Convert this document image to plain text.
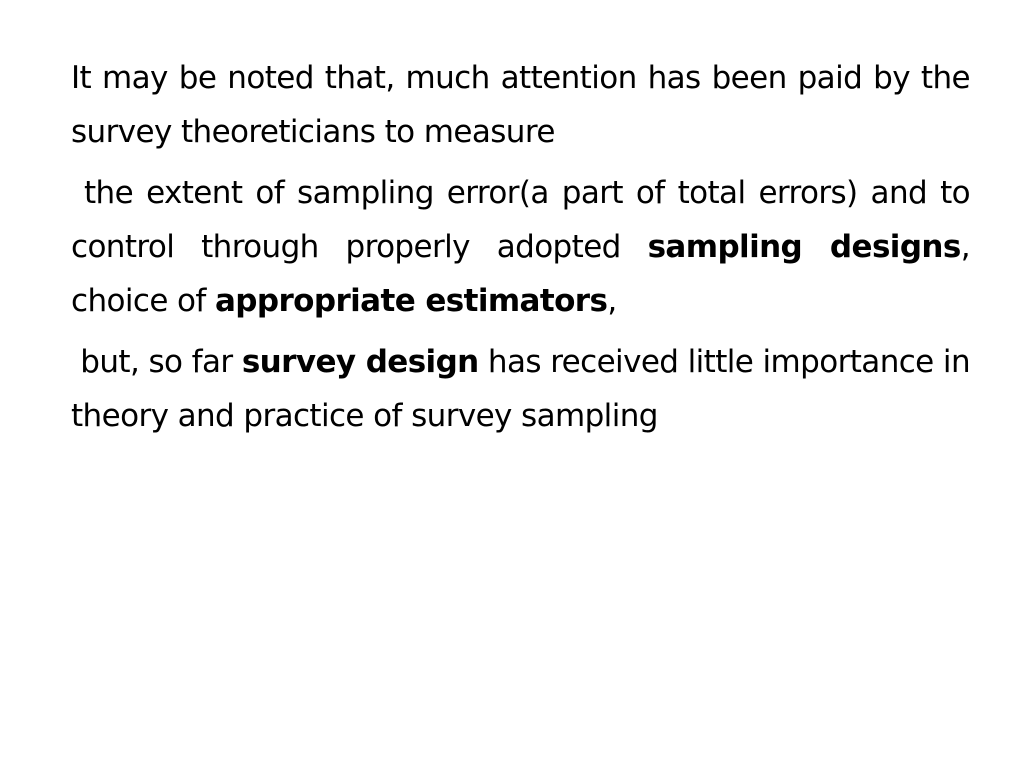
It may be noted that, much attention has been paid by the survey theoreticians to measure

the extent of sampling error(a part of total errors) and to control through properly adopted sampling designs, choice of appropriate estimators,

but, so far survey design has received little importance in theory and practice of survey sampling
